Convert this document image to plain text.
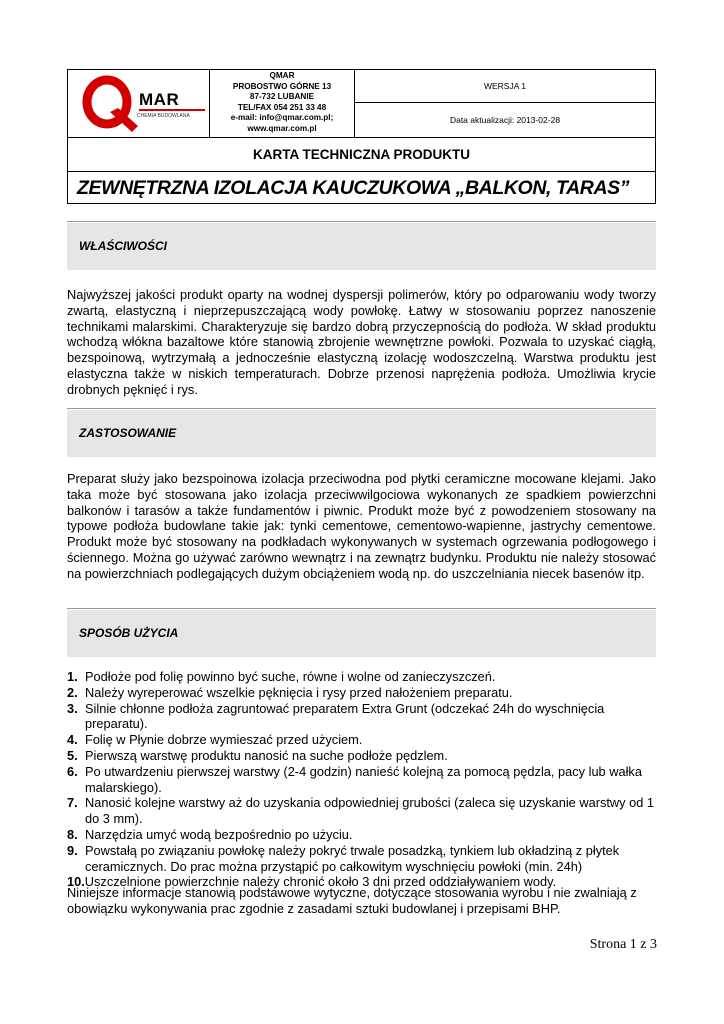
MAR
CHEMIA BUDOWLANA
QMAR
PROBOSTWO GÓRNE 13
87-732 LUBANIE
TEL/FAX 054 251 33 48
e-mail: info@qmar.com.pl;
www.qmar.com.pl
WERSJA 1
Data aktualizacji: 2013-02-28
KARTA TECHNICZNA PRODUKTU
ZEWNĘTRZNA IZOLACJA KAUCZUKOWA „BALKON, TARAS”
WŁAŚCIWOŚCI
Najwyższej jakości produkt oparty na wodnej dyspersji polimerów, który po odparowaniu wody tworzy zwartą, elastyczną i nieprzepuszczającą wody powłokę. Łatwy w stosowaniu poprzez nanoszenie technikami malarskimi. Charakteryzuje się bardzo dobrą przyczepnością do podłoża. W skład produktu wchodzą włókna bazaltowe które stanowią zbrojenie wewnętrzne powłoki. Pozwala to uzyskać ciągłą, bezspoinową, wytrzymałą a jednocześnie elastyczną izolację wodoszczelną. Warstwa produktu jest elastyczna także w niskich temperaturach. Dobrze przenosi naprężenia podłoża. Umożliwia krycie drobnych pęknięć i rys.
ZASTOSOWANIE
Preparat służy jako bezspoinowa izolacja przeciwodna pod płytki ceramiczne mocowane klejami. Jako taka może być stosowana jako izolacja przeciwwilgociowa wykonanych ze spadkiem powierzchni balkonów i tarasów a także fundamentów i piwnic. Produkt może być z powodzeniem stosowany na typowe podłoża budowlane takie jak: tynki cementowe, cementowo-wapienne, jastrychy cementowe. Produkt może być stosowany na podkładach wykonywanych w systemach ogrzewania podłogowego i ściennego. Można go używać zarówno wewnątrz i na zewnątrz budynku. Produktu nie należy stosować na powierzchniach podlegających dużym obciążeniem wodą np. do uszczelniania niecek basenów itp.
SPOSÓB UŻYCIA
1. Podłoże pod folię powinno być suche, równe i wolne od zanieczyszczeń.
2. Należy wyreperować wszelkie pęknięcia i rysy przed nałożeniem preparatu.
3. Silnie chłonne podłoża zagruntować preparatem Extra Grunt (odczekać 24h do wyschnięcia preparatu).
4. Folię w Płynie dobrze wymieszać przed użyciem.
5. Pierwszą warstwę produktu nanosić na suche podłoże pędzlem.
6. Po utwardzeniu pierwszej warstwy (2-4 godzin) nanieść kolejną za pomocą pędzla, pacy lub wałka malarskiego).
7. Nanosić kolejne warstwy aż do uzyskania odpowiedniej grubości (zaleca się uzyskanie warstwy od 1 do 3 mm).
8. Narzędzia umyć wodą bezpośrednio po użyciu.
9. Powstałą po związaniu powłokę należy pokryć trwale posadzką, tynkiem lub okładziną z płytek ceramicznych. Do prac można przystąpić po całkowitym wyschnięciu powłoki (min. 24h)
10.Uszczelnione powierzchnie należy chronić około 3 dni przed oddziaływaniem wody.
Niniejsze informacje stanowią podstawowe wytyczne, dotyczące stosowania wyrobu i nie zwalniają z obowiązku wykonywania prac zgodnie z zasadami sztuki budowlanej i przepisami BHP.
Strona 1 z 3
